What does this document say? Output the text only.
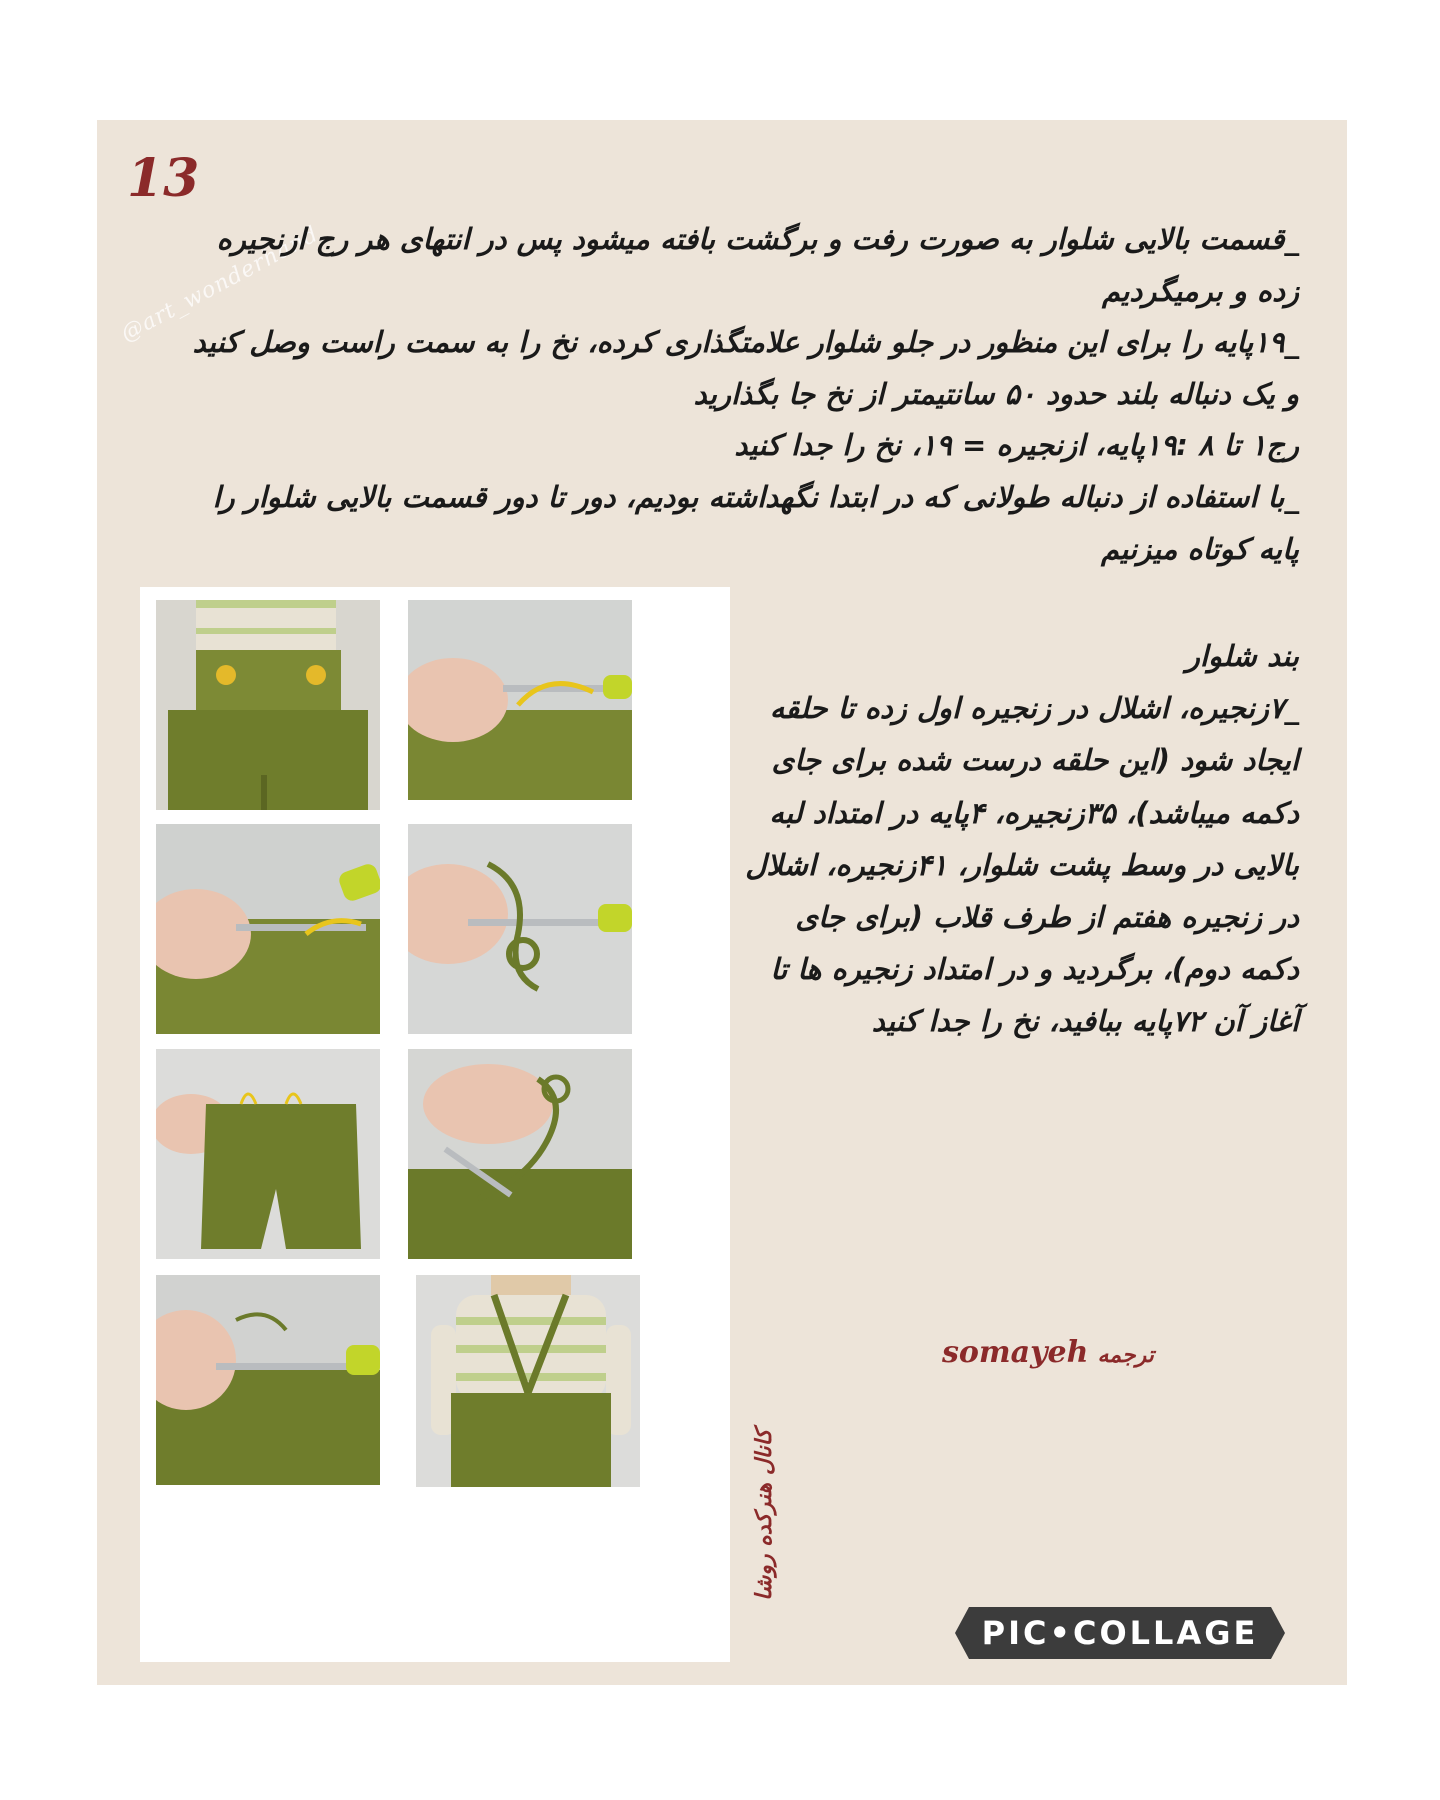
13
@art_wonderhand

_قسمت بالایی شلوار به صورت رفت و برگشت بافته میشود پس در انتهای هر رج ازنجیره زده و برمیگردیم

_۱۹پایه را برای این منظور در جلو شلوار علامتگذاری کرده، نخ را به سمت راست وصل کنید و یک دنباله بلند حدود ۵۰ سانتیمتر از نخ جا بگذارید

رج۱ تا ۸ :۱۹پایه، ازنجیره = ۱۹، نخ را جدا کنید

_با استفاده از دنباله طولانی که در ابتدا نگهداشته بودیم، دور تا دور قسمت بالایی شلوار را پایه کوتاه میزنیم

بند شلوار

_۷زنجیره، اشلال در زنجیره اول زده تا حلقه ایجاد شود (این حلقه درست شده برای جای دکمه میباشد)، ۳۵زنجیره، ۴پایه در امتداد لبه بالایی در وسط پشت شلوار، ۴۱زنجیره، اشلال در زنجیره هفتم از طرف قلاب (برای جای دکمه دوم)، برگردید و در امتداد زنجیره ها تا آغاز آن ۷۲پایه ببافید، نخ را جدا کنید

ترجمه somayeh
کانال هنرکده روشا
PIC•COLLAGE
